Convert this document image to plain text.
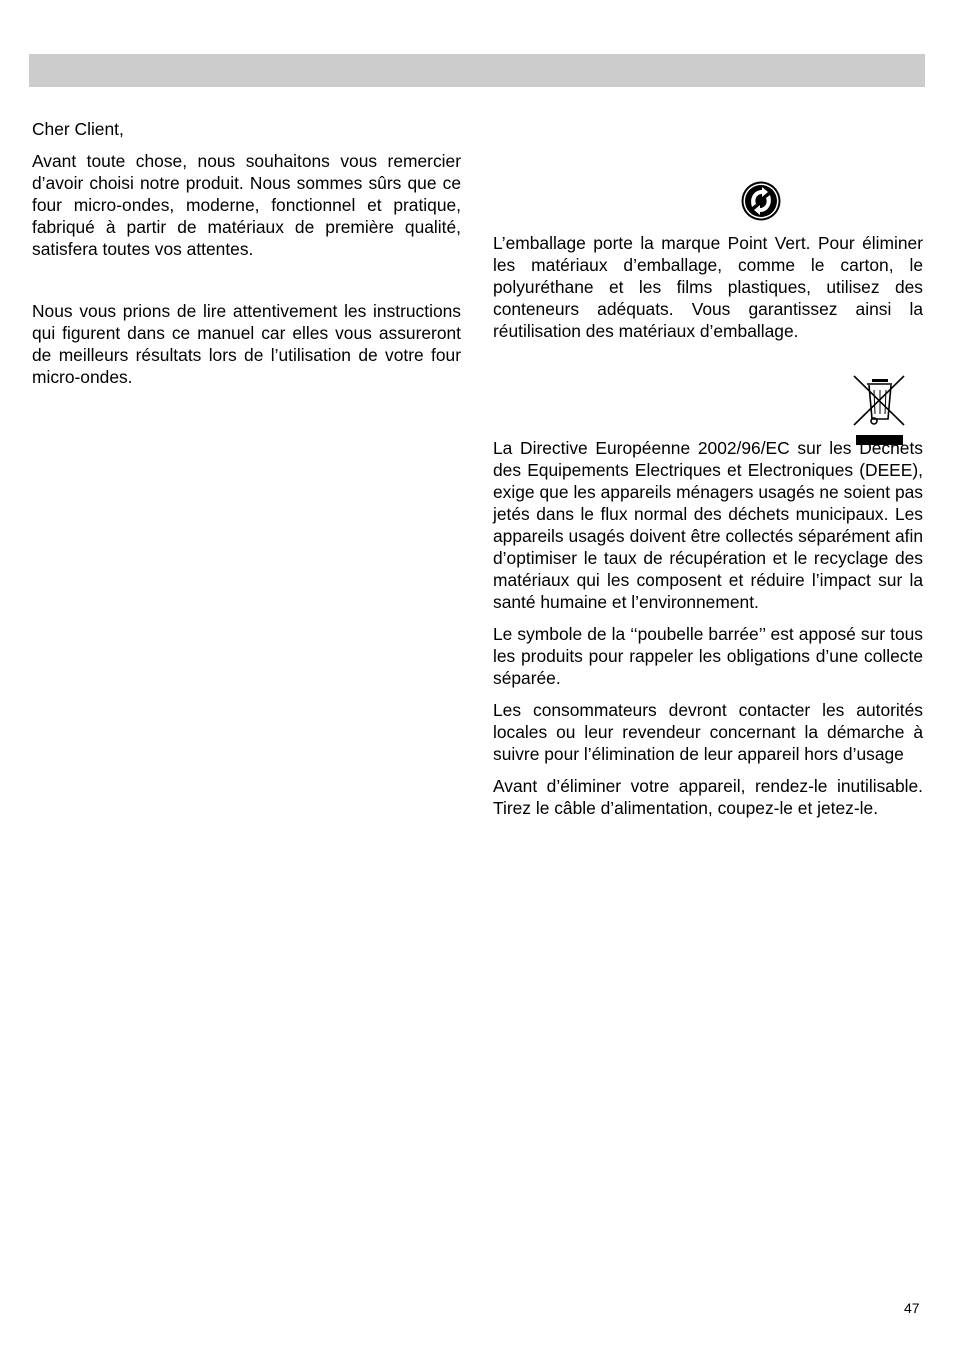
Cher Client,

Avant toute chose, nous souhaitons vous remercier d’avoir choisi notre produit. Nous sommes sûrs que ce four micro-ondes, moderne, fonctionnel et pratique, fabriqué à partir de matériaux de première qualité, satisfera toutes vos attentes.

Nous vous prions de lire attentivement les instructions qui figurent dans ce manuel car elles vous assureront de meilleurs résultats lors de l’utilisation de votre four micro-ondes.

L’emballage porte la marque Point Vert. Pour éliminer les matériaux d’emballage, comme le carton, le polyuréthane et les films plastiques, utilisez des conteneurs adéquats. Vous garantissez ainsi la réutilisation des matériaux d’emballage.

La Directive Européenne 2002/96/EC sur les Déchets des Equipements Electriques et Electroniques (DEEE), exige que les appareils ménagers usagés ne soient pas jetés dans le flux normal des déchets municipaux. Les appareils usagés doivent être collectés séparément afin d’optimiser le taux de récupération et le recyclage des matériaux qui les composent et réduire l’impact sur la santé humaine et l’environnement.

Le symbole de la ‘‘poubelle barrée’’ est apposé sur tous les produits pour rappeler les obligations d’une collecte séparée.

Les consommateurs devront contacter les autorités locales ou leur revendeur concernant la démarche à suivre pour l’élimination de leur appareil hors d’usage

Avant d’éliminer votre appareil, rendez-le inutilisable. Tirez le câble d’alimentation, coupez-le et jetez-le.

47
